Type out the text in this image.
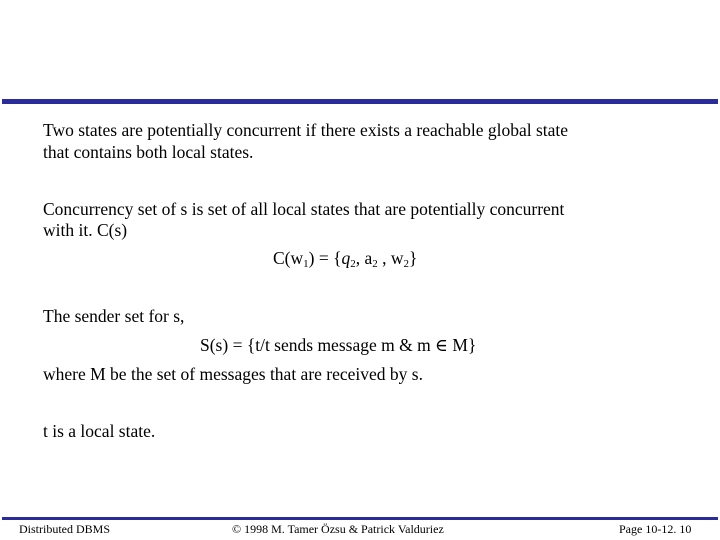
Two states are potentially concurrent if there exists a reachable global state
that contains both local states.
Concurrency set of s is set of all local states that are potentially concurrent
with it. C(s)
$C(w_1) = \{q_2$, $a_2$ , $w_2$}
The sender set for s,
S(s) = {t/t sends message m & m ∈ M}
where M be the set of messages that are received by s.
t is a local state.
Distributed DBMS	© 1998 M. Tamer Özsu & Patrick Valduriez	Page 10-12. 10
